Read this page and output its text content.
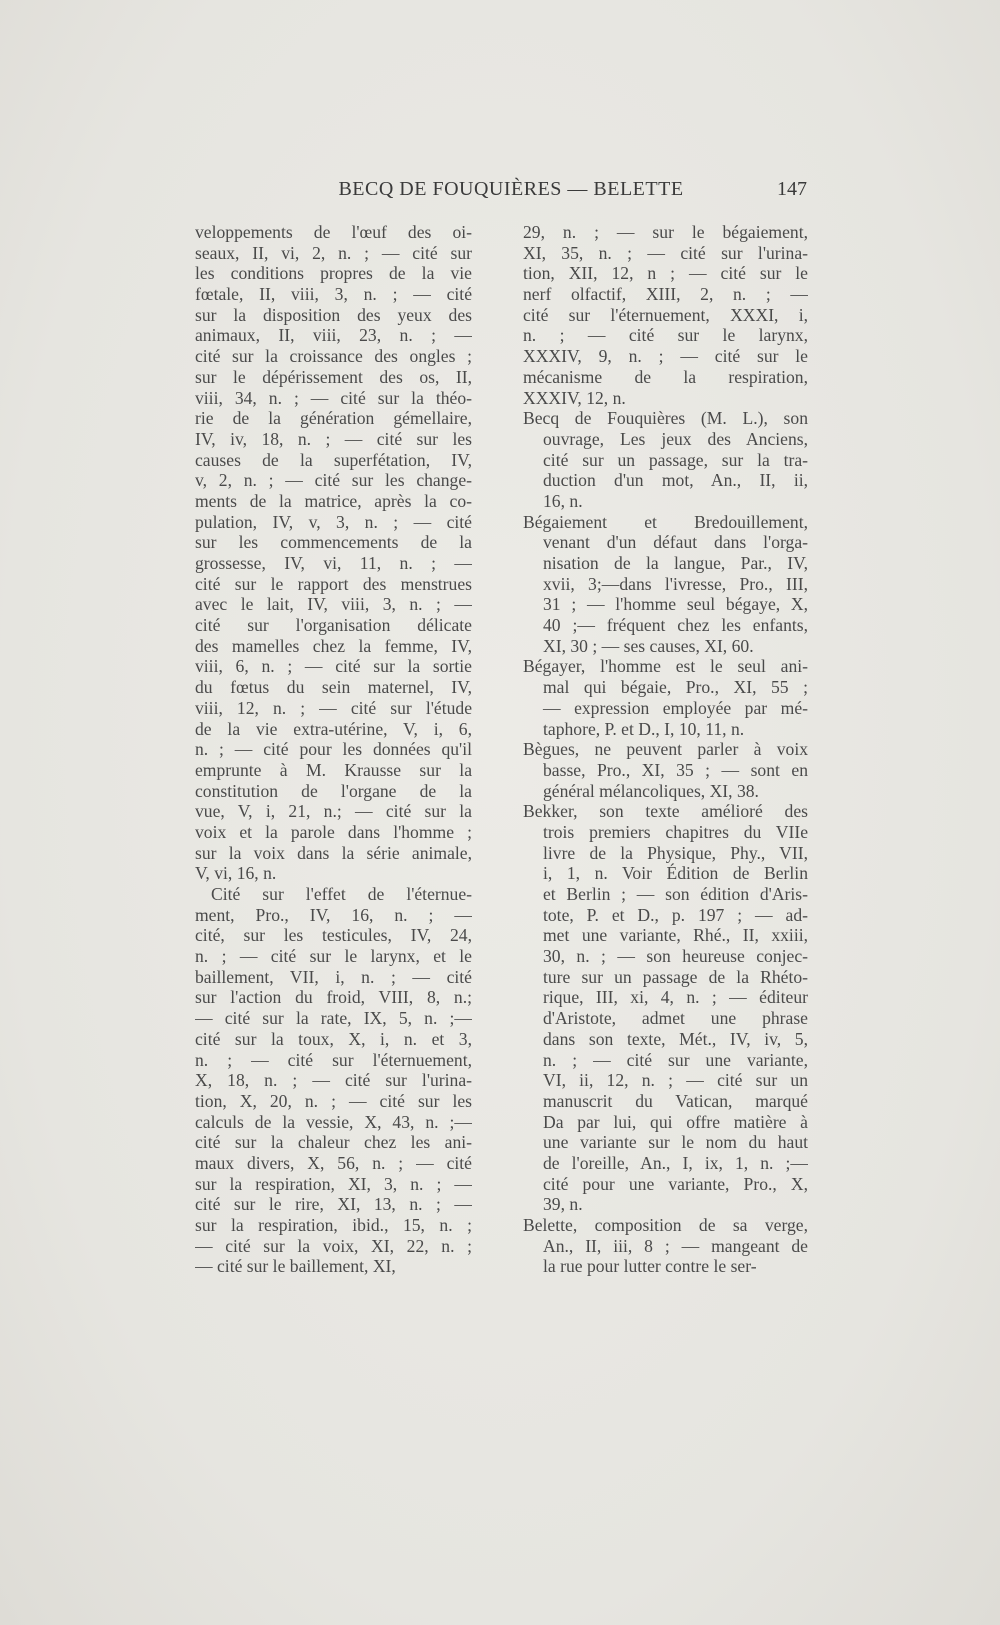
BECQ DE FOUQUIÈRES — BELETTE	147
veloppements de l'œuf des oi-
seaux, II, vi, 2, n. ; — cité sur
les conditions propres de la vie
fœtale, II, viii, 3, n. ; — cité
sur la disposition des yeux des
animaux, II, viii, 23, n. ; —
cité sur la croissance des ongles ;
sur le dépérissement des os, II,
viii, 34, n. ; — cité sur la théo-
rie de la génération gémellaire,
IV, iv, 18, n. ; — cité sur les
causes de la superfétation, IV,
v, 2, n. ; — cité sur les change-
ments de la matrice, après la co-
pulation, IV, v, 3, n. ; — cité
sur les commencements de la
grossesse, IV, vi, 11, n. ; —
cité sur le rapport des menstrues
avec le lait, IV, viii, 3, n. ; —
cité sur l'organisation délicate
des mamelles chez la femme, IV,
viii, 6, n. ; — cité sur la sortie
du fœtus du sein maternel, IV,
viii, 12, n. ; — cité sur l'étude
de la vie extra-utérine, V, i, 6,
n. ; — cité pour les données qu'il
emprunte à M. Krausse sur la
constitution de l'organe de la
vue, V, i, 21, n.; — cité sur la
voix et la parole dans l'homme ;
sur la voix dans la série animale,
V, vi, 16, n.
Cité sur l'effet de l'éternue-
ment, Pro., IV, 16, n. ; —
cité, sur les testicules, IV, 24,
n. ; — cité sur le larynx, et le
baillement, VII, i, n. ; — cité
sur l'action du froid, VIII, 8, n.;
— cité sur la rate, IX, 5, n. ;—
cité sur la toux, X, i, n. et 3,
n. ; — cité sur l'éternuement,
X, 18, n. ; — cité sur l'urina-
tion, X, 20, n. ; — cité sur les
calculs de la vessie, X, 43, n. ;—
cité sur la chaleur chez les ani-
maux divers, X, 56, n. ; — cité
sur la respiration, XI, 3, n. ; —
cité sur le rire, XI, 13, n. ; —
sur la respiration, ibid., 15, n. ;
— cité sur la voix, XI, 22, n. ;
— cité sur le baillement, XI,
29, n. ; — sur le bégaiement,
XI, 35, n. ; — cité sur l'urina-
tion, XII, 12, n ; — cité sur le
nerf olfactif, XIII, 2, n. ; —
cité sur l'éternuement, XXXI, i,
n. ; — cité sur le larynx,
XXXIV, 9, n. ; — cité sur le
mécanisme de la respiration,
XXXIV, 12, n.
Becq de Fouquières (M. L.), son
ouvrage, Les jeux des Anciens,
cité sur un passage, sur la tra-
duction d'un mot, An., II, ii,
16, n.
Bégaiement et Bredouillement,
venant d'un défaut dans l'orga-
nisation de la langue, Par., IV,
xvii, 3;—dans l'ivresse, Pro., III,
31 ; — l'homme seul bégaye, X,
40 ;— fréquent chez les enfants,
XI, 30 ; — ses causes, XI, 60.
Bégayer, l'homme est le seul ani-
mal qui bégaie, Pro., XI, 55 ;
— expression employée par mé-
taphore, P. et D., I, 10, 11, n.
Bègues, ne peuvent parler à voix
basse, Pro., XI, 35 ; — sont en
général mélancoliques, XI, 38.
Bekker, son texte amélioré des
trois premiers chapitres du VIIe
livre de la Physique, Phy., VII,
i, 1, n. Voir Édition de Berlin
et Berlin ; — son édition d'Aris-
tote, P. et D., p. 197 ; — ad-
met une variante, Rhé., II, xxiii,
30, n. ; — son heureuse conjec-
ture sur un passage de la Rhéto-
rique, III, xi, 4, n. ; — éditeur
d'Aristote, admet une phrase
dans son texte, Mét., IV, iv, 5,
n. ; — cité sur une variante,
VI, ii, 12, n. ; — cité sur un
manuscrit du Vatican, marqué
Da par lui, qui offre matière à
une variante sur le nom du haut
de l'oreille, An., I, ix, 1, n. ;—
cité pour une variante, Pro., X,
39, n.
Belette, composition de sa verge,
An., II, iii, 8 ; — mangeant de
la rue pour lutter contre le ser-
